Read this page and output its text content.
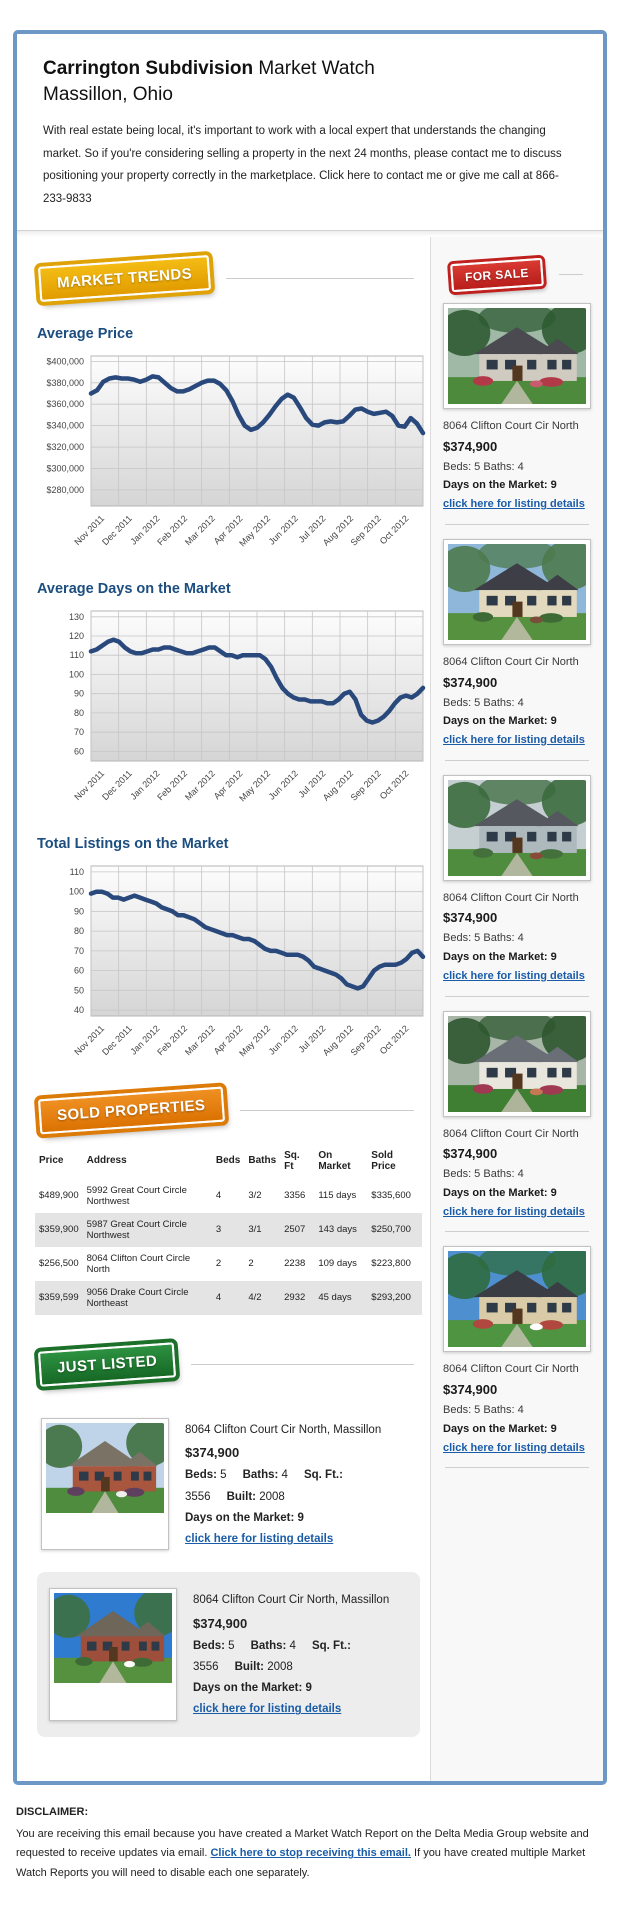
Carrington Subdivision Market Watch
Massillon, Ohio

With real estate being local, it's important to work with a local expert that understands the changing market. So if you're considering selling a property in the next 24 months, please contact me to discuss positioning your property correctly in the marketplace. Click here to contact me or give me call at 866-233-9833

MARKET TRENDS
Average Price
$400,000
$380,000
$360,000
$340,000
$320,000
$300,000
$280,000
Nov 2011
Dec 2011
Jan 2012
Feb 2012
Mar 2012
Apr 2012
May 2012
Jun 2012
Jul 2012
Aug 2012
Sep 2012
Oct 2012
Average Days on the Market
130
120
110
100
90
80
70
60
Nov 2011
Dec 2011
Jan 2012
Feb 2012
Mar 2012
Apr 2012
May 2012
Jun 2012
Jul 2012
Aug 2012
Sep 2012
Oct 2012
Total Listings on the Market
110
100
90
80
70
60
50
40
Nov 2011
Dec 2011
Jan 2012
Feb 2012
Mar 2012
Apr 2012
May 2012
Jun 2012
Jul 2012
Aug 2012
Sep 2012
Oct 2012
SOLD PROPERTIES
Price	Address	Beds	Baths	Sq. Ft	On Market	Sold Price
$489,900	5992 Great Court Circle Northwest	4	3/2	3356	115 days	$335,600
$359,900	5987 Great Court Circle Northwest	3	3/1	2507	143 days	$250,700
$256,500	8064 Clifton Court Circle North	2	2	2238	109 days	$223,800
$359,599	9056 Drake Court Circle Northeast	4	4/2	2932	45 days	$293,200
JUST LISTED
8064 Clifton Court Cir North, Massillon
$374,900
Beds: 5 Baths: 4 Sq. Ft.: 3556 Built: 2008
Days on the Market: 9
click here for listing details
8064 Clifton Court Cir North, Massillon
$374,900
Beds: 5 Baths: 4 Sq. Ft.: 3556 Built: 2008
Days on the Market: 9
click here for listing details
FOR SALE
8064 Clifton Court Cir North
$374,900
Beds: 5 Baths: 4
Days on the Market: 9
click here for listing details
8064 Clifton Court Cir North
$374,900
Beds: 5 Baths: 4
Days on the Market: 9
click here for listing details
8064 Clifton Court Cir North
$374,900
Beds: 5 Baths: 4
Days on the Market: 9
click here for listing details
8064 Clifton Court Cir North
$374,900
Beds: 5 Baths: 4
Days on the Market: 9
click here for listing details
8064 Clifton Court Cir North
$374,900
Beds: 5 Baths: 4
Days on the Market: 9
click here for listing details
DISCLAIMER:

You are receiving this email because you have created a Market Watch Report on the Delta Media Group website and requested to receive updates via email. Click here to stop receiving this email. If you have created multiple Market Watch Reports you will need to disable each one separately.
